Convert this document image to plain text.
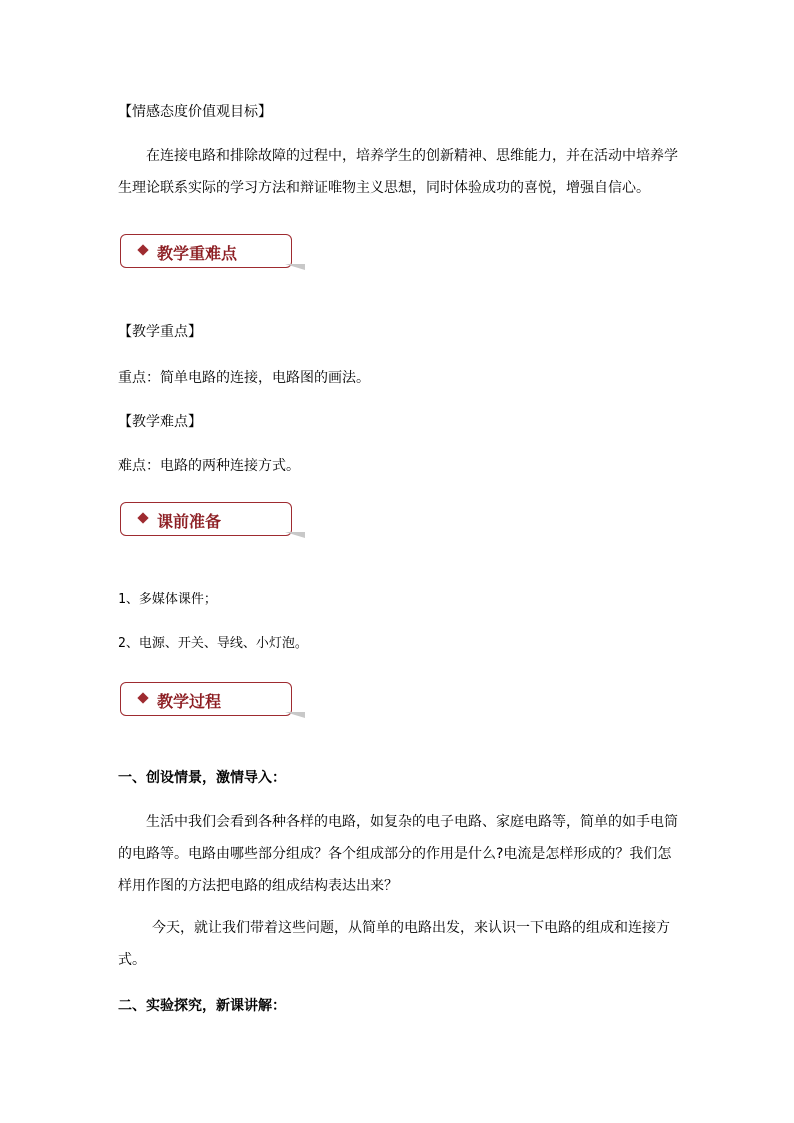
【情感态度价值观目标】
在连接电路和排除故障的过程中，培养学生的创新精神、思维能力，并在活动中培养学
生理论联系实际的学习方法和辩证唯物主义思想，同时体验成功的喜悦，增强自信心。
教学重难点
【教学重点】
重点：简单电路的连接，电路图的画法。
【教学难点】
难点：电路的两种连接方式。
课前准备
1、多媒体课件；
2、电源、开关、导线、小灯泡。
教学过程
一、创设情景，激情导入：
生活中我们会看到各种各样的电路，如复杂的电子电路、家庭电路等，简单的如手电筒
的电路等。电路由哪些部分组成？各个组成部分的作用是什么?电流是怎样形成的？我们怎
样用作图的方法把电路的组成结构表达出来？
今天，就让我们带着这些问题，从简单的电路出发，来认识一下电路的组成和连接方
式。
二、实验探究，新课讲解：
